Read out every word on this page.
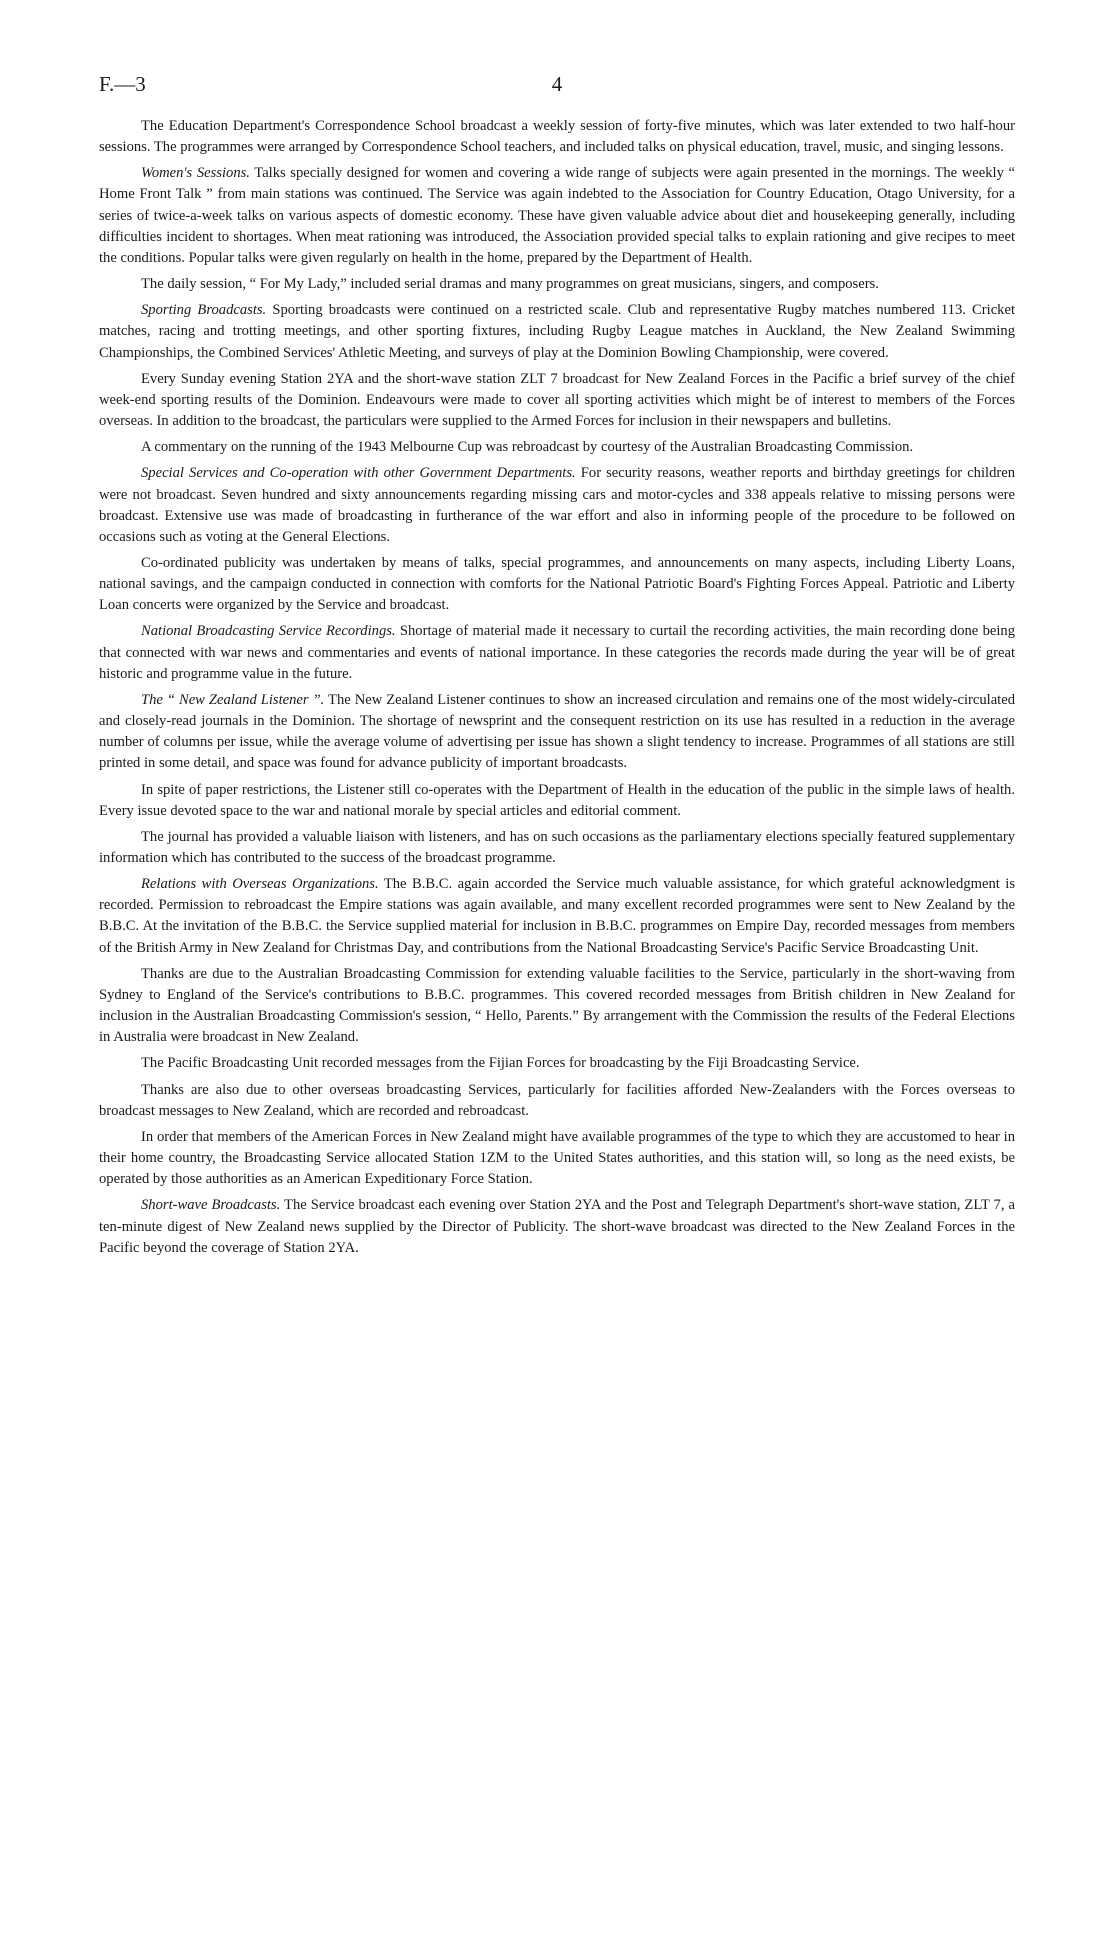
F.—3	4

The Education Department's Correspondence School broadcast a weekly session of forty-five minutes, which was later extended to two half-hour sessions. The programmes were arranged by Correspondence School teachers, and included talks on physical education, travel, music, and singing lessons.

Women's Sessions. Talks specially designed for women and covering a wide range of subjects were again presented in the mornings. The weekly “ Home Front Talk ” from main stations was continued. The Service was again indebted to the Association for Country Education, Otago University, for a series of twice-a-week talks on various aspects of domestic economy. These have given valuable advice about diet and housekeeping generally, including difficulties incident to shortages. When meat rationing was introduced, the Association provided special talks to explain rationing and give recipes to meet the conditions. Popular talks were given regularly on health in the home, prepared by the Department of Health.

The daily session, “ For My Lady,” included serial dramas and many programmes on great musicians, singers, and composers.

Sporting Broadcasts. Sporting broadcasts were continued on a restricted scale. Club and representative Rugby matches numbered 113. Cricket matches, racing and trotting meetings, and other sporting fixtures, including Rugby League matches in Auckland, the New Zealand Swimming Championships, the Combined Services' Athletic Meeting, and surveys of play at the Dominion Bowling Championship, were covered.

Every Sunday evening Station 2YA and the short-wave station ZLT 7 broadcast for New Zealand Forces in the Pacific a brief survey of the chief week-end sporting results of the Dominion. Endeavours were made to cover all sporting activities which might be of interest to members of the Forces overseas. In addition to the broadcast, the particulars were supplied to the Armed Forces for inclusion in their newspapers and bulletins.

A commentary on the running of the 1943 Melbourne Cup was rebroadcast by courtesy of the Australian Broadcasting Commission.

Special Services and Co-operation with other Government Departments. For security reasons, weather reports and birthday greetings for children were not broadcast. Seven hundred and sixty announcements regarding missing cars and motor-cycles and 338 appeals relative to missing persons were broadcast. Extensive use was made of broadcasting in furtherance of the war effort and also in informing people of the procedure to be followed on occasions such as voting at the General Elections.

Co-ordinated publicity was undertaken by means of talks, special programmes, and announcements on many aspects, including Liberty Loans, national savings, and the campaign conducted in connection with comforts for the National Patriotic Board's Fighting Forces Appeal. Patriotic and Liberty Loan concerts were organized by the Service and broadcast.

National Broadcasting Service Recordings. Shortage of material made it necessary to curtail the recording activities, the main recording done being that connected with war news and commentaries and events of national importance. In these categories the records made during the year will be of great historic and programme value in the future.

The “ New Zealand Listener ”. The New Zealand Listener continues to show an increased circulation and remains one of the most widely-circulated and closely-read journals in the Dominion. The shortage of newsprint and the consequent restriction on its use has resulted in a reduction in the average number of columns per issue, while the average volume of advertising per issue has shown a slight tendency to increase. Programmes of all stations are still printed in some detail, and space was found for advance publicity of important broadcasts.

In spite of paper restrictions, the Listener still co-operates with the Department of Health in the education of the public in the simple laws of health. Every issue devoted space to the war and national morale by special articles and editorial comment.

The journal has provided a valuable liaison with listeners, and has on such occasions as the parliamentary elections specially featured supplementary information which has contributed to the success of the broadcast programme.

Relations with Overseas Organizations. The B.B.C. again accorded the Service much valuable assistance, for which grateful acknowledgment is recorded. Permission to rebroadcast the Empire stations was again available, and many excellent recorded programmes were sent to New Zealand by the B.B.C. At the invitation of the B.B.C. the Service supplied material for inclusion in B.B.C. programmes on Empire Day, recorded messages from members of the British Army in New Zealand for Christmas Day, and contributions from the National Broadcasting Service's Pacific Service Broadcasting Unit.

Thanks are due to the Australian Broadcasting Commission for extending valuable facilities to the Service, particularly in the short-waving from Sydney to England of the Service's contributions to B.B.C. programmes. This covered recorded messages from British children in New Zealand for inclusion in the Australian Broadcasting Commission's session, “ Hello, Parents.” By arrangement with the Commission the results of the Federal Elections in Australia were broadcast in New Zealand.

The Pacific Broadcasting Unit recorded messages from the Fijian Forces for broadcasting by the Fiji Broadcasting Service.

Thanks are also due to other overseas broadcasting Services, particularly for facilities afforded New-Zealanders with the Forces overseas to broadcast messages to New Zealand, which are recorded and rebroadcast.

In order that members of the American Forces in New Zealand might have available programmes of the type to which they are accustomed to hear in their home country, the Broadcasting Service allocated Station 1ZM to the United States authorities, and this station will, so long as the need exists, be operated by those authorities as an American Expeditionary Force Station.

Short-wave Broadcasts. The Service broadcast each evening over Station 2YA and the Post and Telegraph Department's short-wave station, ZLT 7, a ten-minute digest of New Zealand news supplied by the Director of Publicity. The short-wave broadcast was directed to the New Zealand Forces in the Pacific beyond the coverage of Station 2YA.
